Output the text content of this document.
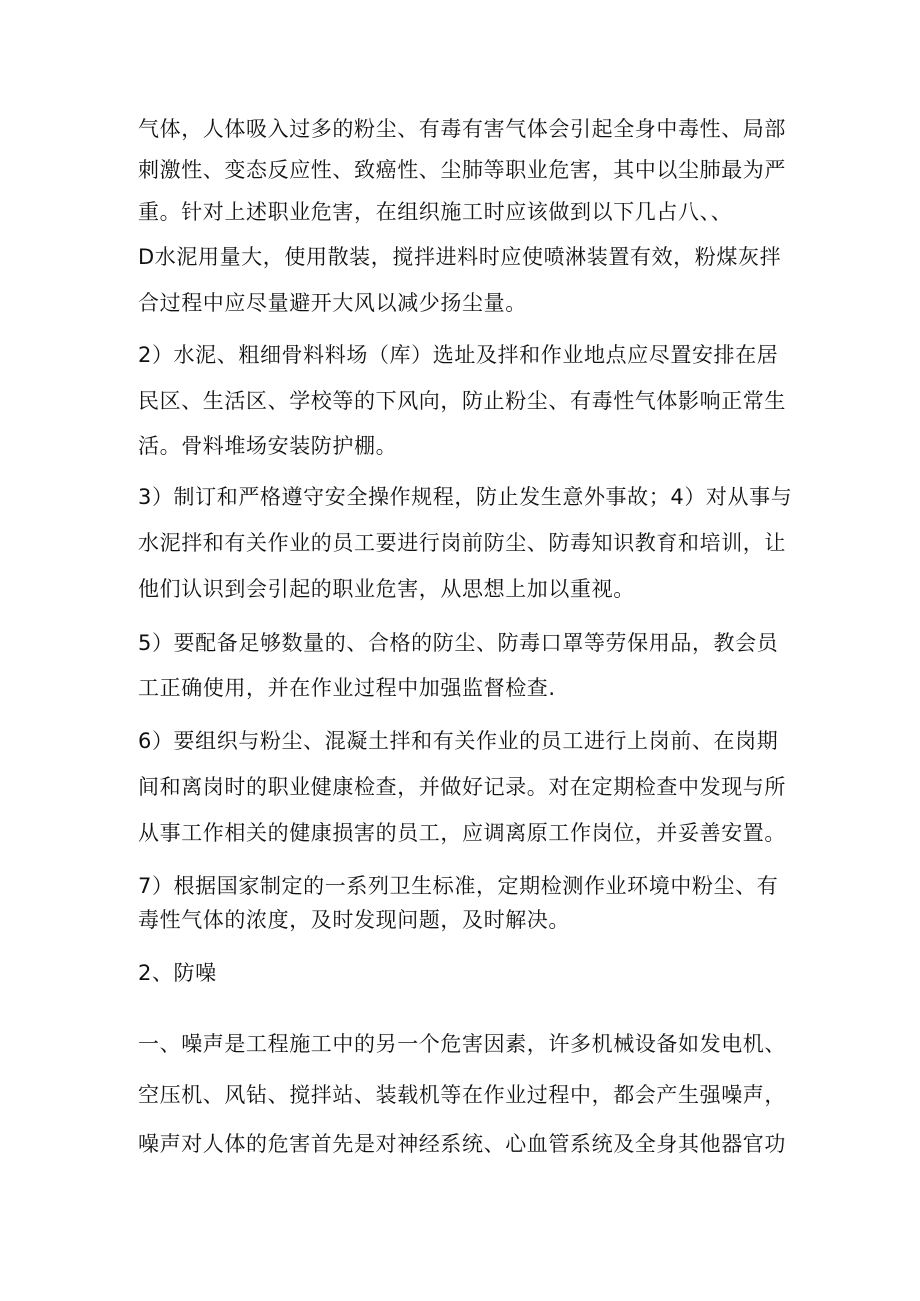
气体，人体吸入过多的粉尘、有毒有害气体会引起全身中毒性、局部
刺激性、变态反应性、致癌性、尘肺等职业危害，其中以尘肺最为严
重。针对上述职业危害，在组织施工时应该做到以下几占八、、
D水泥用量大，使用散装，搅拌进料时应使喷淋装置有效，粉煤灰拌
合过程中应尽量避开大风以减少扬尘量。
2）水泥、粗细骨料料场（库）选址及拌和作业地点应尽置安排在居
民区、生活区、学校等的下风向，防止粉尘、有毒性气体影响正常生
活。骨料堆场安装防护棚。
3）制订和严格遵守安全操作规程，防止发生意外事故；4）对从事与
水泥拌和有关作业的员工要进行岗前防尘、防毒知识教育和培训，让
他们认识到会引起的职业危害，从思想上加以重视。
5）要配备足够数量的、合格的防尘、防毒口罩等劳保用品，教会员
工正确使用，并在作业过程中加强监督检查.
6）要组织与粉尘、混凝土拌和有关作业的员工进行上岗前、在岗期
间和离岗时的职业健康检查，并做好记录。对在定期检查中发现与所
从事工作相关的健康损害的员工，应调离原工作岗位，并妥善安置。
7）根据国家制定的一系列卫生标准，定期检测作业环境中粉尘、有
毒性气体的浓度，及时发现问题，及时解决。
2、防噪
一、噪声是工程施工中的另一个危害因素，许多机械设备如发电机、
空压机、风钻、搅拌站、装载机等在作业过程中，都会产生强噪声，
噪声对人体的危害首先是对神经系统、心血管系统及全身其他器官功
